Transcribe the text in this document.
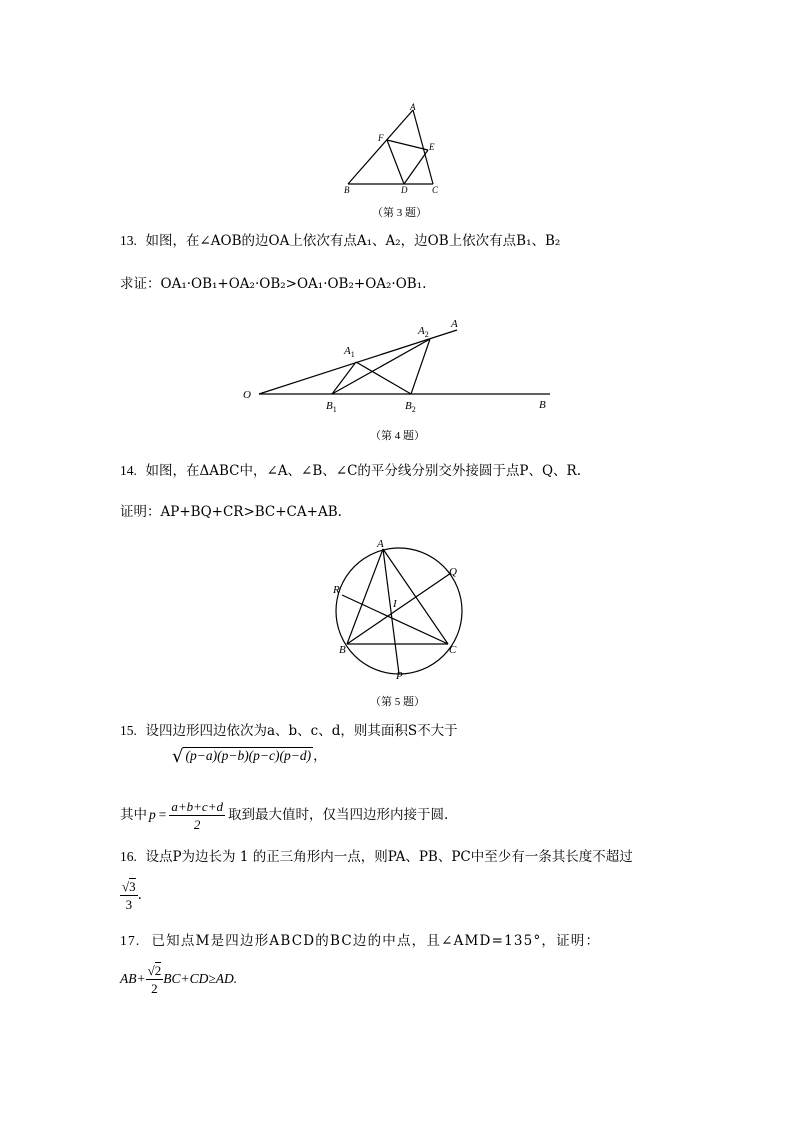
A
B	C
D
E
F
（第 3 题）
13. 如图，在∠AOB的边OA上依次有点A₁、A₂，边OB上依次有点B₁、B₂
求证：OA₁·OB₁+OA₂·OB₂>OA₁·OB₂+OA₂·OB₁.
O
A
B
$A_1$
$A_2$
$B_1$	$B_2$
（第 4 题）
14. 如图，在ΔABC中，∠A、∠B、∠C的平分线分别交外接圆于点P、Q、R.
证明：AP+BQ+CR>BC+CA+AB.
A
B	C
P
Q
R
I
（第 5 题）
15. 设四边形四边依次为a、b、c、d，则其面积S不大于
√ (p−a)(p−b)(p−c)(p−d) ，
其中 $p = \frac{a+b+c+d}{2}$ 取到最大值时，仅当四边形内接于圆.
16. 设点P为边长为 1 的正三角形内一点，则PA、PB、PC中至少有一条其长度不超过
$\frac{√3}{3}$ .
17. 已知点M是四边形ABCD的BC边的中点，且∠AMD=135°，证明：
$AB+ \frac{√2}{2} BC+CD\ge AD$.
